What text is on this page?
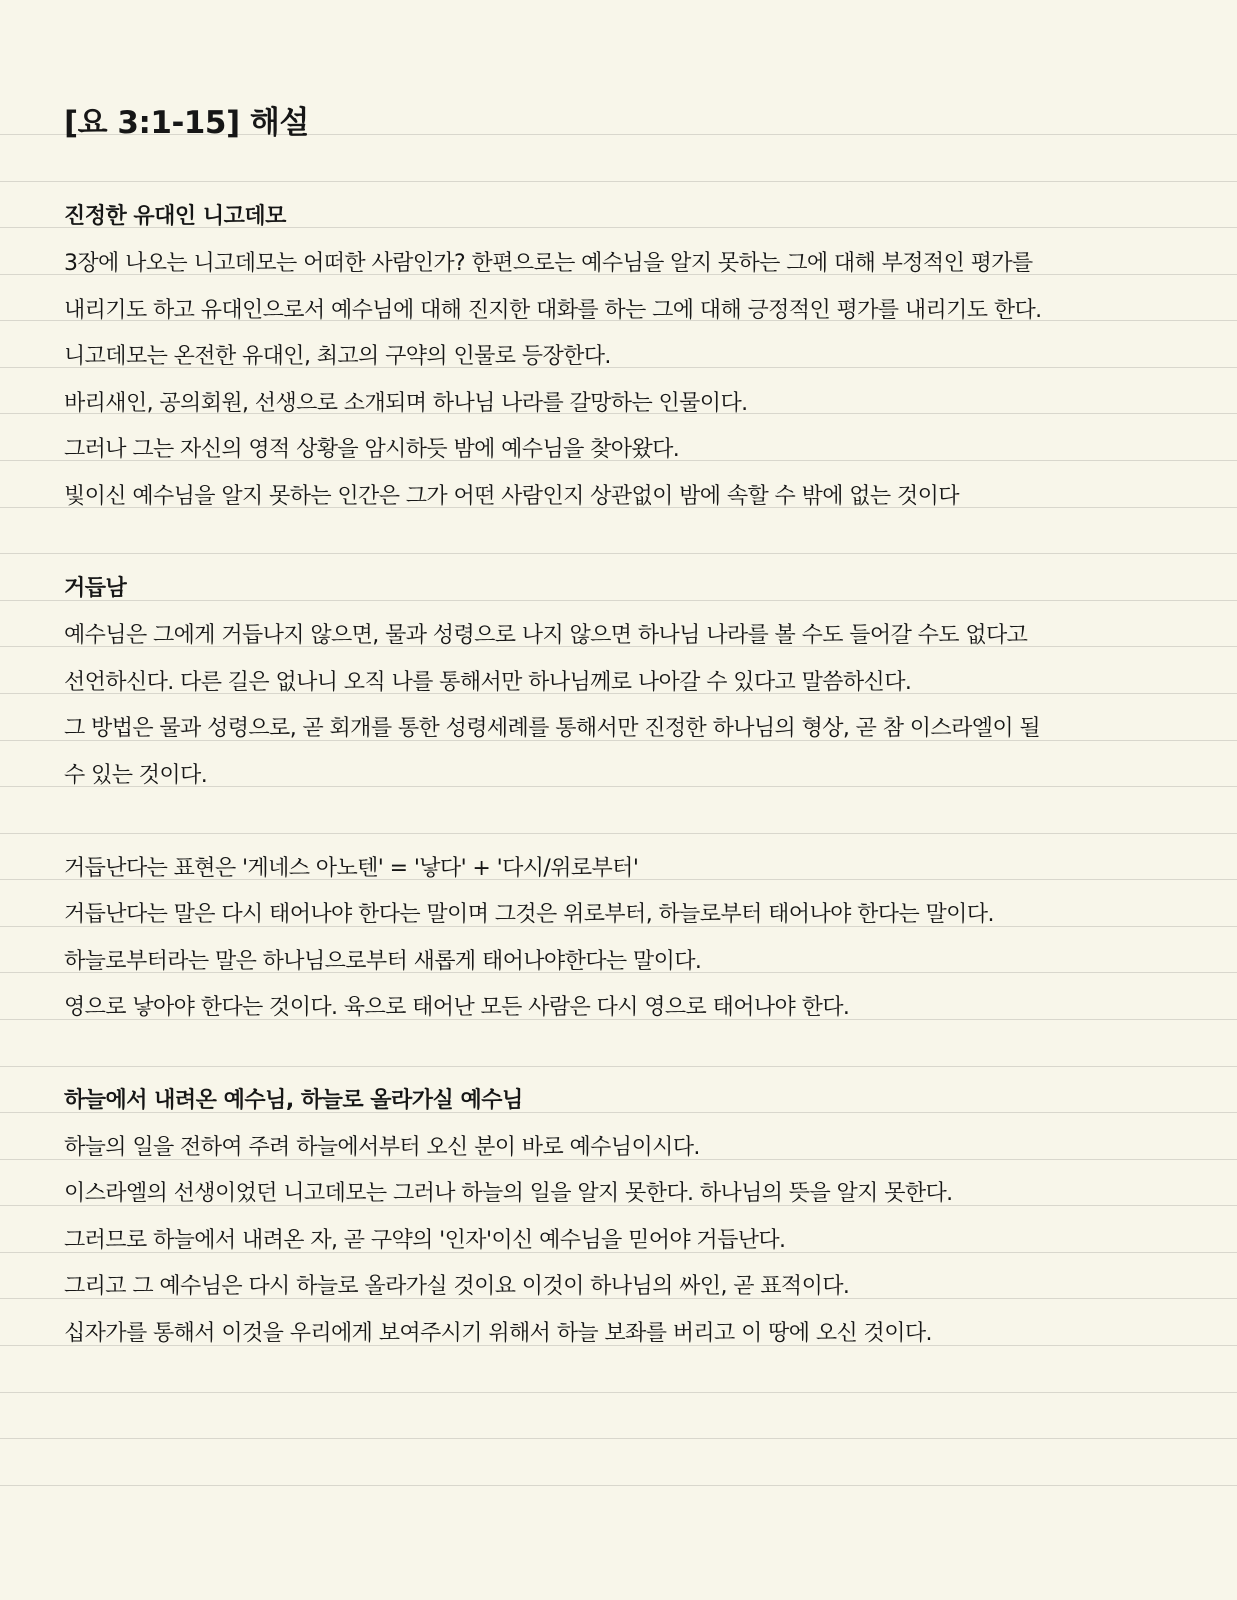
[요 3:1-15] 해설

진정한 유대인 니고데모

3장에 나오는 니고데모는 어떠한 사람인가? 한편으로는 예수님을 알지 못하는 그에 대해 부정적인 평가를

내리기도 하고 유대인으로서 예수님에 대해 진지한 대화를 하는 그에 대해 긍정적인 평가를 내리기도 한다.

니고데모는 온전한 유대인, 최고의 구약의 인물로 등장한다.

바리새인, 공의회원, 선생으로 소개되며 하나님 나라를 갈망하는 인물이다.

그러나 그는 자신의 영적 상황을 암시하듯 밤에 예수님을 찾아왔다.

빛이신 예수님을 알지 못하는 인간은 그가 어떤 사람인지 상관없이 밤에 속할 수 밖에 없는 것이다

거듭남

예수님은 그에게 거듭나지 않으면, 물과 성령으로 나지 않으면 하나님 나라를 볼 수도 들어갈 수도 없다고

선언하신다. 다른 길은 없나니 오직 나를 통해서만 하나님께로 나아갈 수 있다고 말씀하신다.

그 방법은 물과 성령으로, 곧 회개를 통한 성령세례를 통해서만 진정한 하나님의 형상, 곧 참 이스라엘이 될

수 있는 것이다.

거듭난다는 표현은 '게네스 아노텐' = '낳다' + '다시/위로부터'

거듭난다는 말은 다시 태어나야 한다는 말이며 그것은 위로부터, 하늘로부터 태어나야 한다는 말이다.

하늘로부터라는 말은 하나님으로부터 새롭게 태어나야한다는 말이다.

영으로 낳아야 한다는 것이다. 육으로 태어난 모든 사람은 다시 영으로 태어나야 한다.

하늘에서 내려온 예수님, 하늘로 올라가실 예수님

하늘의 일을 전하여 주려 하늘에서부터 오신 분이 바로 예수님이시다.

이스라엘의 선생이었던 니고데모는 그러나 하늘의 일을 알지 못한다. 하나님의 뜻을 알지 못한다.

그러므로 하늘에서 내려온 자, 곧 구약의 '인자'이신 예수님을 믿어야 거듭난다.

그리고 그 예수님은 다시 하늘로 올라가실 것이요 이것이 하나님의 싸인, 곧 표적이다.

십자가를 통해서 이것을 우리에게 보여주시기 위해서 하늘 보좌를 버리고 이 땅에 오신 것이다.
